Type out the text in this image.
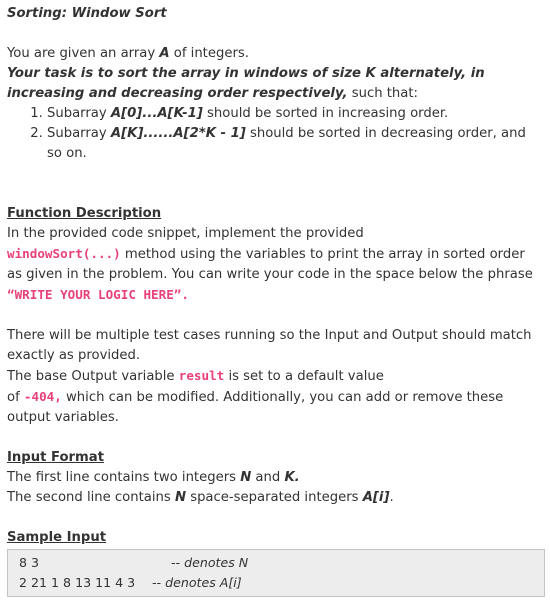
Sorting: Window Sort

You are given an array A of integers.

Your task is to sort the array in windows of size K alternately, in increasing and decreasing order respectively, such that:

1. Subarray A[0]...A[K-1] should be sorted in increasing order.
2. Subarray A[K]......A[2*K - 1] should be sorted in decreasing order, and so on.

Function Description

In the provided code snippet, implement the provided
windowSort(...) method using the variables to print the array in sorted order as given in the problem. You can write your code in the space below the phrase “WRITE YOUR LOGIC HERE”.

There will be multiple test cases running so the Input and Output should match exactly as provided.

The base Output variable result is set to a default value
of -404, which can be modified. Additionally, you can add or remove these output variables.

Input Format

The first line contains two integers N and K.

The second line contains N space-separated integers A[i].

Sample Input

8 3	-- denotes N
2 21 1 8 13 11 4 3 -- denotes A[i]
